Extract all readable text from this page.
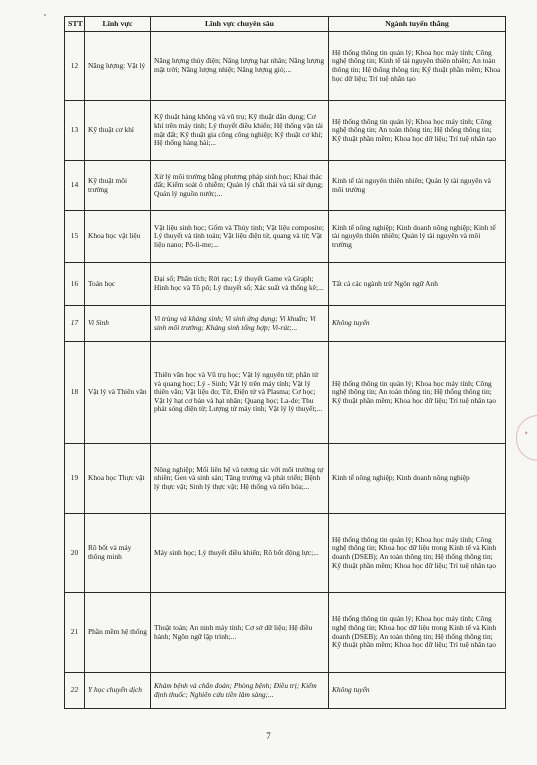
STT	Lĩnh vực	Lĩnh vực chuyên sâu	Ngành tuyển thẳng
12	Năng lượng: Vật lý	Năng lượng thủy điện; Năng lượng hạt nhân; Năng lượng mặt trời; Năng lượng nhiệt; Năng lượng gió;...	Hệ thống thông tin quản lý; Khoa học máy tính; Công nghệ thông tin; Kinh tế tài nguyên thiên nhiên; An toàn thông tin; Hệ thống thông tin; Kỹ thuật phần mềm; Khoa học dữ liệu; Trí tuệ nhân tạo
13	Kỹ thuật cơ khí	Kỹ thuật hàng không và vũ trụ; Kỹ thuật dân dụng; Cơ khí trên máy tính; Lý thuyết điều khiển; Hệ thống vận tải mặt đất; Kỹ thuật gia công công nghiệp; Kỹ thuật cơ khí; Hệ thống hàng hải;...	Hệ thống thông tin quản lý; Khoa học máy tính; Công nghệ thông tin; An toàn thông tin; Hệ thống thông tin; Kỹ thuật phần mềm; Khoa học dữ liệu; Trí tuệ nhân tạo
14	Kỹ thuật môi trường	Xử lý môi trường bằng phương pháp sinh học; Khai thác đất; Kiểm soát ô nhiễm; Quản lý chất thải và tái sử dụng; Quản lý nguồn nước;...	Kinh tế tài nguyên thiên nhiên; Quản lý tài nguyên và môi trường
15	Khoa học vật liệu	Vật liệu sinh học; Gốm và Thủy tinh; Vật liệu composite; Lý thuyết và tính toán; Vật liệu điện tử, quang và từ; Vật liệu nano; Pô-li-me;...	Kinh tế nông nghiệp; Kinh doanh nông nghiệp; Kinh tế tài nguyên thiên nhiên; Quản lý tài nguyên và môi trường
16	Toán học	Đại số; Phân tích; Rời rạc; Lý thuyết Game và Graph; Hình học và Tô pô; Lý thuyết số; Xác suất và thống kê;...	Tất cả các ngành trừ Ngôn ngữ Anh
17	Vi Sinh	Vi trùng và kháng sinh; Vi sinh ứng dụng; Vi khuẩn; Vi sinh môi trường; Kháng sinh tổng hợp; Vi-rút;...	Không tuyển
18	Vật lý và Thiên văn	Thiên văn học và Vũ trụ học; Vật lý nguyên tử; phân tử và quang học; Lý - Sinh; Vật lý trên máy tính; Vật lý thiên văn; Vật liệu đo; Từ, Điện tử và Plasma; Cơ học; Vật lý hạt cơ bản và hạt nhân; Quang học; La-de; Thu phát sóng điện từ; Lượng tử máy tính; Vật lý lý thuyết;...	Hệ thống thông tin quản lý; Khoa học máy tính; Công nghệ thông tin; An toàn thông tin; Hệ thống thông tin; Kỹ thuật phần mềm; Khoa học dữ liệu; Trí tuệ nhân tạo
19	Khoa học Thực vật	Nông nghiệp; Mối liên hệ và tương tác với môi trường tự nhiên; Gen và sinh sản; Tăng trưởng và phát triển; Bệnh lý thực vật; Sinh lý thực vật; Hệ thống và tiến hóa;...	Kinh tế nông nghiệp; Kinh doanh nông nghiệp
20	Rô bốt và máy thông minh	Máy sinh học; Lý thuyết điều khiển; Rô bốt động lực;...	Hệ thống thông tin quản lý; Khoa học máy tính; Công nghệ thông tin; Khoa học dữ liệu trong Kinh tế và Kinh doanh (DSEB); An toàn thông tin; Hệ thống thông tin; Kỹ thuật phần mềm; Khoa học dữ liệu; Trí tuệ nhân tạo
21	Phần mềm hệ thống	Thuật toán; An ninh máy tính; Cơ sở dữ liệu; Hệ điều hành; Ngôn ngữ lập trình;...	Hệ thống thông tin quản lý; Khoa học máy tính; Công nghệ thông tin; Khoa học dữ liệu trong Kinh tế và Kinh doanh (DSEB); An toàn thông tin; Hệ thống thông tin; Kỹ thuật phần mềm; Khoa học dữ liệu; Trí tuệ nhân tạo
22	Y học chuyển dịch	Khám bệnh và chẩn đoán; Phòng bệnh; Điều trị; Kiểm định thuốc; Nghiên cứu tiền lâm sàng;...	Không tuyển
✦
7
